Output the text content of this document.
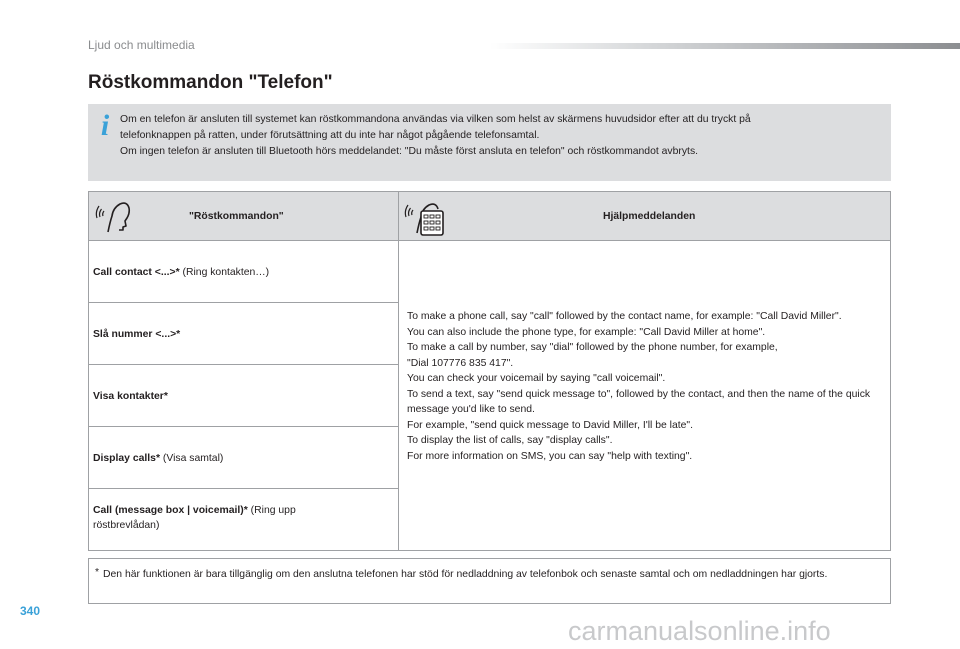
Ljud och multimedia
Röstkommandon "Telefon"
i Om en telefon är ansluten till systemet kan röstkommandona användas via vilken som helst av skärmens huvudsidor efter att du tryckt på

telefonknappen på ratten, under förutsättning att du inte har något pågående telefonsamtal.

Om ingen telefon är ansluten till Bluetooth hörs meddelandet: "Du måste först ansluta en telefon" och röstkommandot avbryts.

"Röstkommandon"	Hjälpmeddelanden
Call contact <...>* (Ring kontakten…)
Slå nummer <...>*
Visa kontakter*
Display calls* (Visa samtal)
Call (message box | voicemail)* (Ring upp röstbrevlådan)
To make a phone call, say "call" followed by the contact name, for example: "Call David Miller".
You can also include the phone type, for example: "Call David Miller at home".
To make a call by number, say "dial" followed by the phone number, for example,
"Dial 107776 835 417".
You can check your voicemail by saying "call voicemail".
To send a text, say "send quick message to", followed by the contact, and then the name of the quick message you'd like to send.
For example, "send quick message to David Miller, I'll be late".
To display the list of calls, say "display calls".
For more information on SMS, you can say "help with texting".
* Den här funktionen är bara tillgänglig om den anslutna telefonen har stöd för nedladdning av telefonbok och senaste samtal och om nedladdningen har gjorts.
340
carmanualsonline.info
